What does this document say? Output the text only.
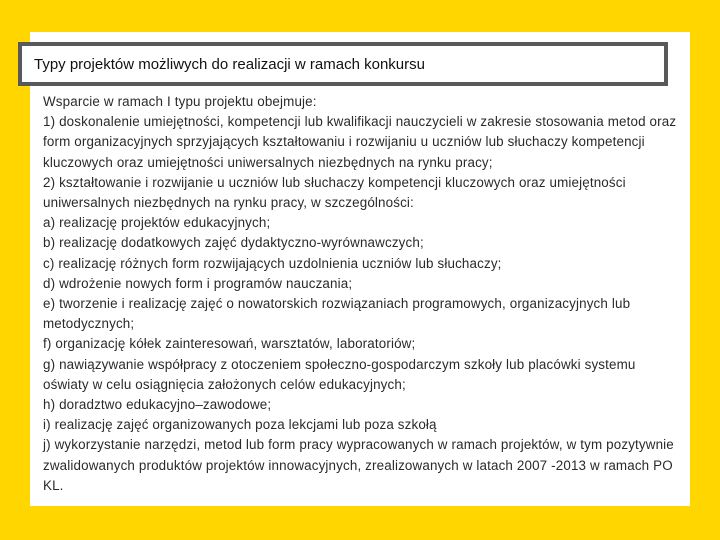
Typy projektów możliwych do realizacji w ramach konkursu

Wsparcie w ramach I typu projektu obejmuje:

1) doskonalenie umiejętności, kompetencji lub kwalifikacji nauczycieli w zakresie stosowania metod oraz form organizacyjnych sprzyjających kształtowaniu i rozwijaniu u uczniów lub słuchaczy kompetencji kluczowych oraz umiejętności uniwersalnych niezbędnych na rynku pracy;

2) kształtowanie i rozwijanie u uczniów lub słuchaczy kompetencji kluczowych oraz umiejętności uniwersalnych niezbędnych na rynku pracy, w szczególności:

a) realizację projektów edukacyjnych;

b) realizację dodatkowych zajęć dydaktyczno-wyrównawczych;

c) realizację różnych form rozwijających uzdolnienia uczniów lub słuchaczy;

d) wdrożenie nowych form i programów nauczania;

e) tworzenie i realizację zajęć o nowatorskich rozwiązaniach programowych, organizacyjnych lub metodycznych;

f) organizację kółek zainteresowań, warsztatów, laboratoriów;

g) nawiązywanie współpracy z otoczeniem społeczno-gospodarczym szkoły lub placówki systemu oświaty w celu osiągnięcia założonych celów edukacyjnych;

h) doradztwo edukacyjno–zawodowe;

i) realizację zajęć organizowanych poza lekcjami lub poza szkołą

j) wykorzystanie narzędzi, metod lub form pracy wypracowanych w ramach projektów, w tym pozytywnie zwalidowanych produktów projektów innowacyjnych, zrealizowanych w latach 2007 -2013 w ramach PO KL.
